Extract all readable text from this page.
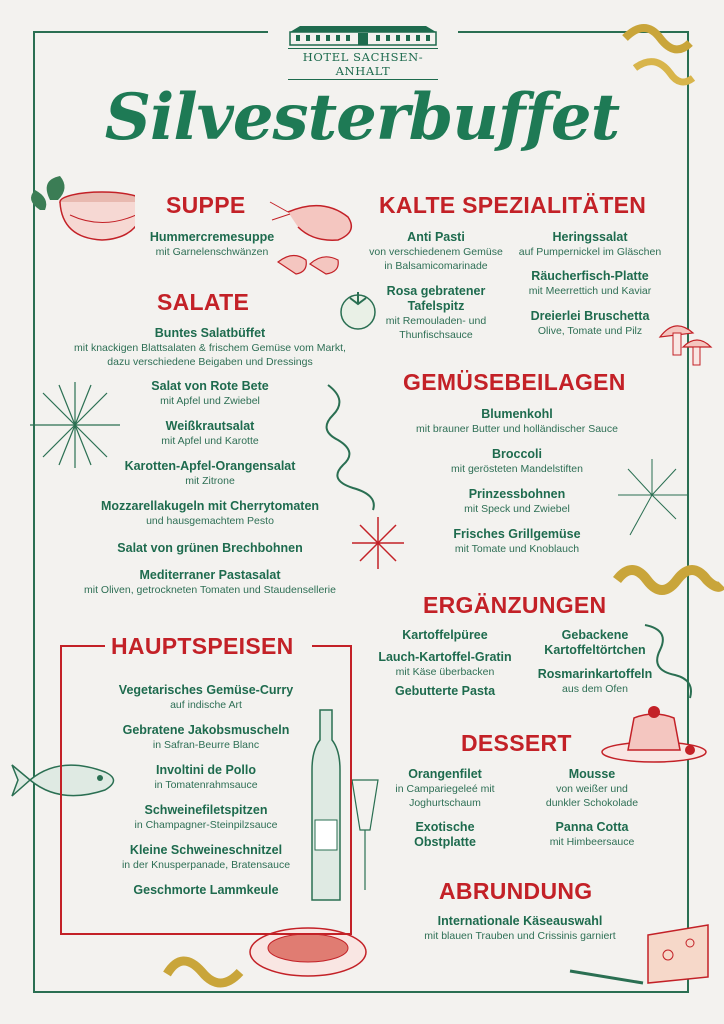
HOTEL SACHSEN-ANHALT
Silvesterbuffet
SUPPE
Hummercremesuppe
mit Garnelenschwänzen
SALATE
Buntes Salatbüffet
mit knackigen Blattsalaten & frischem Gemüse vom Markt,
dazu verschiedene Beigaben und Dressings
Salat von Rote Bete
mit Apfel und Zwiebel
Weißkrautsalat
mit Apfel und Karotte
Karotten-Apfel-Orangensalat
mit Zitrone
Mozzarellakugeln mit Cherrytomaten
und hausgemachtem Pesto
Salat von grünen Brechbohnen
Mediterraner Pastasalat
mit Oliven, getrockneten Tomaten und Staudensellerie
HAUPTSPEISEN
Vegetarisches Gemüse-Curry
auf indische Art
Gebratene Jakobsmuscheln
in Safran-Beurre Blanc
Involtini de Pollo
in Tomatenrahmsauce
Schweinefiletspitzen
in Champagner-Steinpilzsauce
Kleine Schweineschnitzel
in der Knusperpanade, Bratensauce
Geschmorte Lammkeule
KALTE SPEZIALITÄTEN
Anti Pasti
von verschiedenem Gemüse
in Balsamicomarinade
Heringssalat
auf Pumpernickel im Gläschen
Rosa gebratener
Tafelspitz
mit Remouladen- und
Thunfischsauce
Räucherfisch-Platte
mit Meerrettich und Kaviar
Dreierlei Bruschetta
Olive, Tomate und Pilz
GEMÜSEBEILAGEN
Blumenkohl
mit brauner Butter und holländischer Sauce
Broccoli
mit gerösteten Mandelstiften
Prinzessbohnen
mit Speck und Zwiebel
Frisches Grillgemüse
mit Tomate und Knoblauch
ERGÄNZUNGEN
Kartoffelpüree	Gebackene
Kartoffeltörtchen
Lauch-Kartoffel-Gratin
mit Käse überbacken	Rosmarinkartoffeln
aus dem Ofen
Gebutterte Pasta
DESSERT
Orangenfilet
in Campariegeleé mit
Joghurtschaum
Mousse
von weißer und
dunkler Schokolade
Exotische
Obstplatte
Panna Cotta
mit Himbeersauce
ABRUNDUNG
Internationale Käseauswahl
mit blauen Trauben und Crissinis garniert
